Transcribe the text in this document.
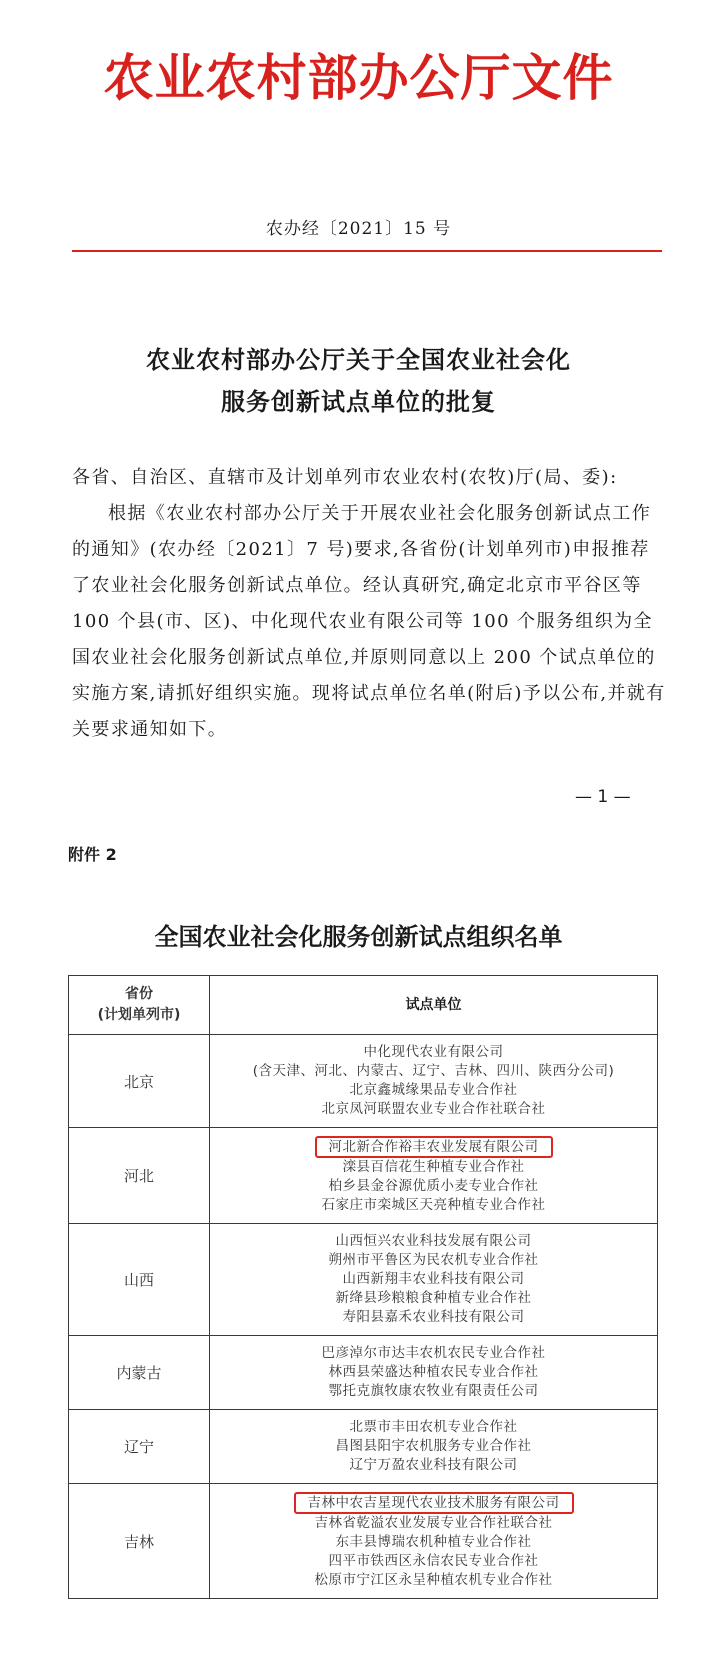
农业农村部办公厅文件
农办经〔2021〕15 号
农业农村部办公厅关于全国农业社会化
服务创新试点单位的批复
各省、自治区、直辖市及计划单列市农业农村(农牧)厅(局、委):
根据《农业农村部办公厅关于开展农业社会化服务创新试点工作的通知》(农办经〔2021〕7 号)要求,各省份(计划单列市)申报推荐了农业社会化服务创新试点单位。经认真研究,确定北京市平谷区等 100 个县(市、区)、中化现代农业有限公司等 100 个服务组织为全国农业社会化服务创新试点单位,并原则同意以上 200 个试点单位的实施方案,请抓好组织实施。现将试点单位名单(附后)予以公布,并就有关要求通知如下。
— 1 —
附件 2
全国农业社会化服务创新试点组织名单
省份
(计划单列市)	试点单位
北京	中化现代农业有限公司
(含天津、河北、内蒙古、辽宁、吉林、四川、陕西分公司)
北京鑫城缘果品专业合作社
北京凤河联盟农业专业合作社联合社

河北	河北新合作裕丰农业发展有限公司
滦县百信花生种植专业合作社
柏乡县金谷源优质小麦专业合作社
石家庄市栾城区天亮种植专业合作社

山西	山西恒兴农业科技发展有限公司
朔州市平鲁区为民农机专业合作社
山西新翔丰农业科技有限公司
新绛县珍粮粮食种植专业合作社
寿阳县嘉禾农业科技有限公司

内蒙古	巴彦淖尔市达丰农机农民专业合作社
林西县荣盛达种植农民专业合作社
鄂托克旗牧康农牧业有限责任公司

辽宁	北票市丰田农机专业合作社
昌图县阳宇农机服务专业合作社
辽宁万盈农业科技有限公司

吉林	吉林中农吉星现代农业技术服务有限公司
吉林省乾溢农业发展专业合作社联合社
东丰县博瑞农机种植专业合作社
四平市铁西区永信农民专业合作社
松原市宁江区永呈种植农机专业合作社
